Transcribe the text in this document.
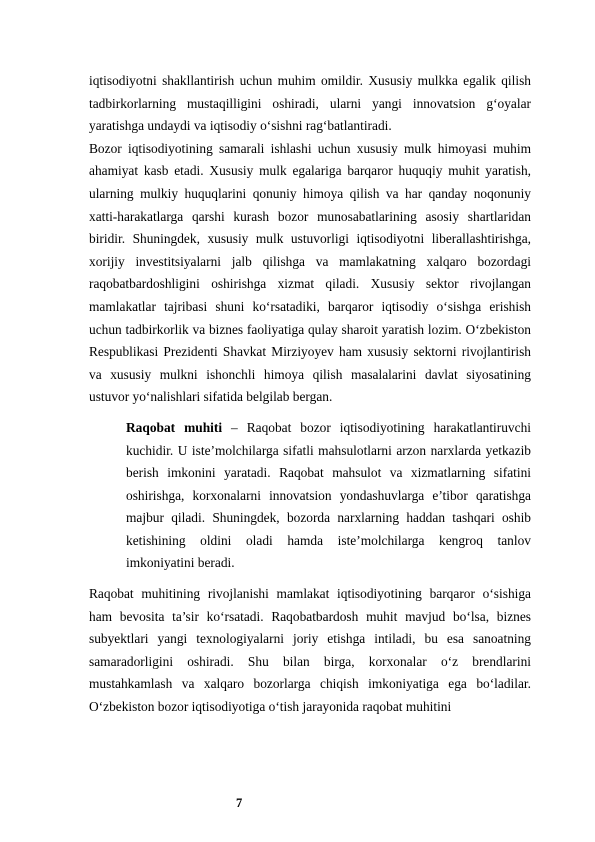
iqtisodiyotni shakllantirish uchun muhim omildir. Xususiy mulkka egalik qilish tadbirkorlarning mustaqilligini oshiradi, ularni yangi innovatsion g‘oyalar yaratishga undaydi va iqtisodiy o‘sishni rag‘batlantiradi.

Bozor iqtisodiyotining samarali ishlashi uchun xususiy mulk himoyasi muhim ahamiyat kasb etadi. Xususiy mulk egalariga barqaror huquqiy muhit yaratish, ularning mulkiy huquqlarini qonuniy himoya qilish va har qanday noqonuniy xatti-harakatlarga qarshi kurash bozor munosabatlarining asosiy shartlaridan biridir. Shuningdek, xususiy mulk ustuvorligi iqtisodiyotni liberallashtirishga, xorijiy investitsiyalarni jalb qilishga va mamlakatning xalqaro bozordagi raqobatbardoshligini oshirishga xizmat qiladi. Xususiy sektor rivojlangan mamlakatlar tajribasi shuni ko‘rsatadiki, barqaror iqtisodiy o‘sishga erishish uchun tadbirkorlik va biznes faoliyatiga qulay sharoit yaratish lozim. O‘zbekiston Respublikasi Prezidenti Shavkat Mirziyoyev ham xususiy sektorni rivojlantirish va xususiy mulkni ishonchli himoya qilish masalalarini davlat siyosatining ustuvor yo‘nalishlari sifatida belgilab bergan.

Raqobat muhiti – Raqobat bozor iqtisodiyotining harakatlantiruvchi kuchidir. U iste’molchilarga sifatli mahsulotlarni arzon narxlarda yetkazib berish imkonini yaratadi. Raqobat mahsulot va xizmatlarning sifatini oshirishga, korxonalarni innovatsion yondashuvlarga e’tibor qaratishga majbur qiladi. Shuningdek, bozorda narxlarning haddan tashqari oshib ketishining oldini oladi hamda iste’molchilarga kengroq tanlov imkoniyatini beradi.

Raqobat muhitining rivojlanishi mamlakat iqtisodiyotining barqaror o‘sishiga ham bevosita ta’sir ko‘rsatadi. Raqobatbardosh muhit mavjud bo‘lsa, biznes subyektlari yangi texnologiyalarni joriy etishga intiladi, bu esa sanoatning samaradorligini oshiradi. Shu bilan birga, korxonalar o‘z brendlarini mustahkamlash va xalqaro bozorlarga chiqish imkoniyatiga ega bo‘ladilar. O‘zbekiston bozor iqtisodiyotiga o‘tish jarayonida raqobat muhitini

7
